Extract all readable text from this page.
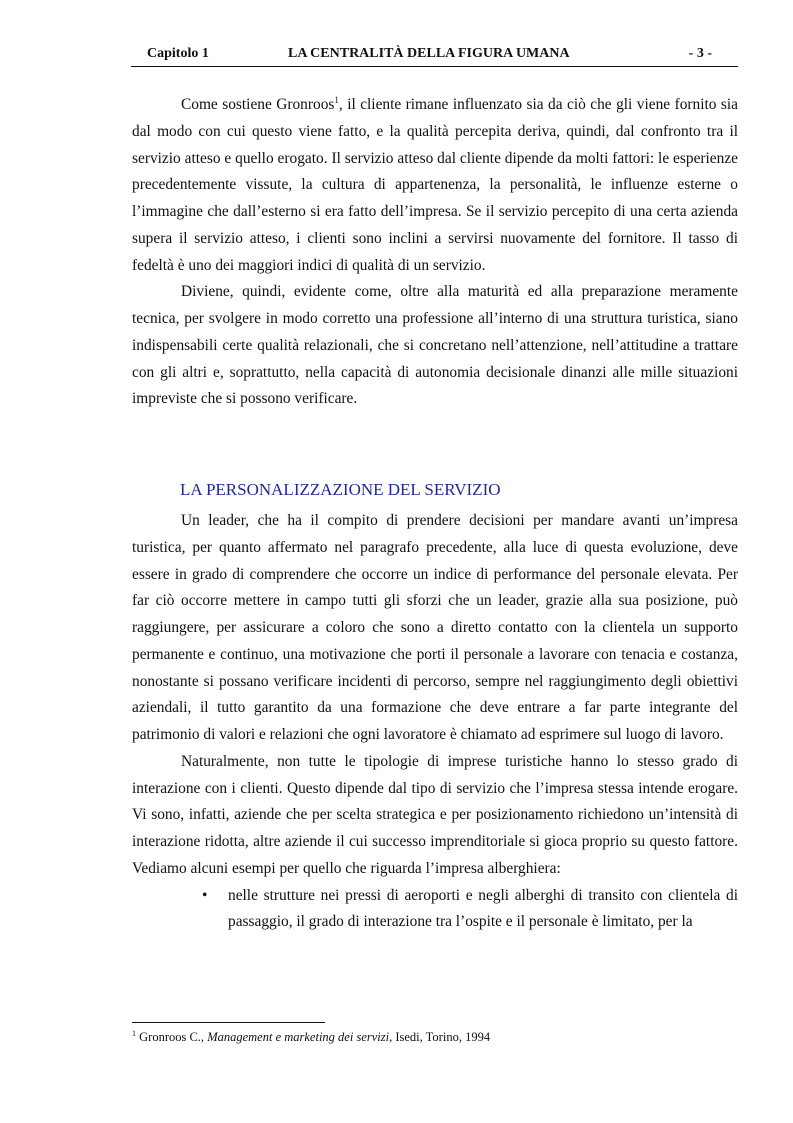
Capitolo 1	LA CENTRALITÀ DELLA FIGURA UMANA	- 3 -

Come sostiene Gronroos$^1$, il cliente rimane influenzato sia da ciò che gli viene fornito sia dal modo con cui questo viene fatto, e la qualità percepita deriva, quindi, dal confronto tra il servizio atteso e quello erogato. Il servizio atteso dal cliente dipende da molti fattori: le esperienze precedentemente vissute, la cultura di appartenenza, la personalità, le influenze esterne o l’immagine che dall’esterno si era fatto dell’impresa. Se il servizio percepito di una certa azienda supera il servizio atteso, i clienti sono inclini a servirsi nuovamente del fornitore. Il tasso di fedeltà è uno dei maggiori indici di qualità di un servizio.

Diviene, quindi, evidente come, oltre alla maturità ed alla preparazione meramente tecnica, per svolgere in modo corretto una professione all’interno di una struttura turistica, siano indispensabili certe qualità relazionali, che si concretano nell’attenzione, nell’attitudine a trattare con gli altri e, soprattutto, nella capacità di autonomia decisionale dinanzi alle mille situazioni impreviste che si possono verificare.

LA PERSONALIZZAZIONE DEL SERVIZIO

Un leader, che ha il compito di prendere decisioni per mandare avanti un’impresa turistica, per quanto affermato nel paragrafo precedente, alla luce di questa evoluzione, deve essere in grado di comprendere che occorre un indice di performance del personale elevata. Per far ciò occorre mettere in campo tutti gli sforzi che un leader, grazie alla sua posizione, può raggiungere, per assicurare a coloro che sono a diretto contatto con la clientela un supporto permanente e continuo, una motivazione che porti il personale a lavorare con tenacia e costanza, nonostante si possano verificare incidenti di percorso, sempre nel raggiungimento degli obiettivi aziendali, il tutto garantito da una formazione che deve entrare a far parte integrante del patrimonio di valori e relazioni che ogni lavoratore è chiamato ad esprimere sul luogo di lavoro.

Naturalmente, non tutte le tipologie di imprese turistiche hanno lo stesso grado di interazione con i clienti. Questo dipende dal tipo di servizio che l’impresa stessa intende erogare. Vi sono, infatti, aziende che per scelta strategica e per posizionamento richiedono un’intensità di interazione ridotta, altre aziende il cui successo imprenditoriale si gioca proprio su questo fattore. Vediamo alcuni esempi per quello che riguarda l’impresa alberghiera:

• nelle strutture nei pressi di aeroporti e negli alberghi di transito con clientela di passaggio, il grado di interazione tra l’ospite e il personale è limitato, per la
$^1$ Gronroos C., Management e marketing dei servizi, Isedi, Torino, 1994
